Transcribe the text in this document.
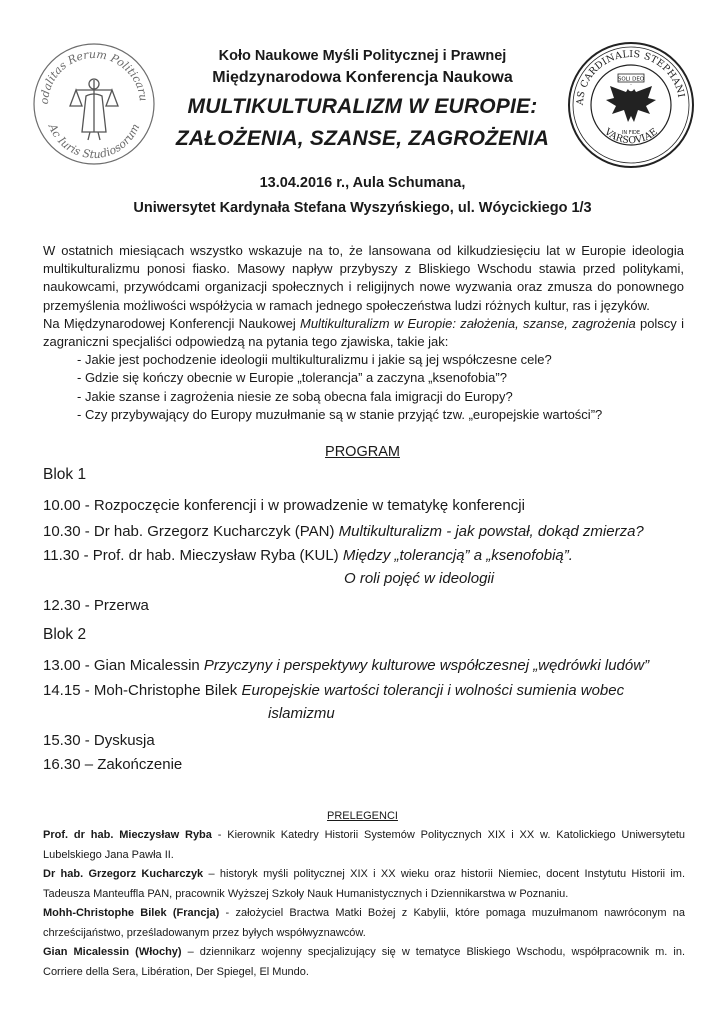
odalitas Rerum Politicaru
Ac Iuris Studiosorum
AS CARDINALIS STEPHANI
VARSOVIAE
SOLI DEO
IN FIDE
Koło Naukowe Myśli Politycznej i Prawnej
Międzynarodowa Konferencja Naukowa
MULTIKULTURALIZM W EUROPIE:
ZAŁOŻENIA, SZANSE, ZAGROŻENIA
13.04.2016 r., Aula Schumana,
Uniwersytet Kardynała Stefana Wyszyńskiego, ul. Wóycickiego 1/3

W ostatnich miesiącach wszystko wskazuje na to, że lansowana od kilkudziesięciu lat w Europie ideologia multikulturalizmu ponosi fiasko. Masowy napływ przybyszy z Bliskiego Wschodu stawia przed politykami, naukowcami, przywódcami organizacji społecznych i religijnych nowe wyzwania oraz zmusza do ponownego przemyślenia możliwości współżycia w ramach jednego społeczeństwa ludzi różnych kultur, ras i języków.

Na Międzynarodowej Konferencji Naukowej Multikulturalizm w Europie: założenia, szanse, zagrożenia polscy i zagraniczni specjaliści odpowiedzą na pytania tego zjawiska, takie jak:

- Jakie jest pochodzenie ideologii multikulturalizmu i jakie są jej współczesne cele?
- Gdzie się kończy obecnie w Europie „tolerancja” a zaczyna „ksenofobia”?
- Jakie szanse i zagrożenia niesie ze sobą obecna fala imigracji do Europy?
- Czy przybywający do Europy muzułmanie są w stanie przyjąć tzw. „europejskie wartości”?
PROGRAM
Blok 1
10.00 - Rozpoczęcie konferencji i w prowadzenie w tematykę konferencji
10.30 - Dr hab. Grzegorz Kucharczyk (PAN) Multikulturalizm - jak powstał, dokąd zmierza?
11.30 - Prof. dr hab. Mieczysław Ryba (KUL) Między „tolerancją” a „ksenofobią”.
O roli pojęć w ideologii
12.30 - Przerwa
Blok 2
13.00 - Gian Micalessin Przyczyny i perspektywy kulturowe współczesnej „wędrówki ludów”
14.15 - Moh-Christophe Bilek Europejskie wartości tolerancji i wolności sumienia wobec
islamizmu
15.30 - Dyskusja
16.30 – Zakończenie
PRELEGENCI
Prof. dr hab. Mieczysław Ryba - Kierownik Katedry Historii Systemów Politycznych XIX i XX w. Katolickiego Uniwersytetu Lubelskiego Jana Pawła II.
Dr hab. Grzegorz Kucharczyk – historyk myśli politycznej XIX i XX wieku oraz historii Niemiec, docent Instytutu Historii im. Tadeusza Manteuffla PAN, pracownik Wyższej Szkoły Nauk Humanistycznych i Dziennikarstwa w Poznaniu.
Mohh-Christophe Bilek (Francja) - założyciel Bractwa Matki Bożej z Kabylii, które pomaga muzułmanom nawróconym na chrześcijaństwo, prześladowanym przez byłych współwyznawców.
Gian Micalessin (Włochy) – dziennikarz wojenny specjalizujący się w tematyce Bliskiego Wschodu, współpracownik m. in. Corriere della Sera, Libération, Der Spiegel, El Mundo.
